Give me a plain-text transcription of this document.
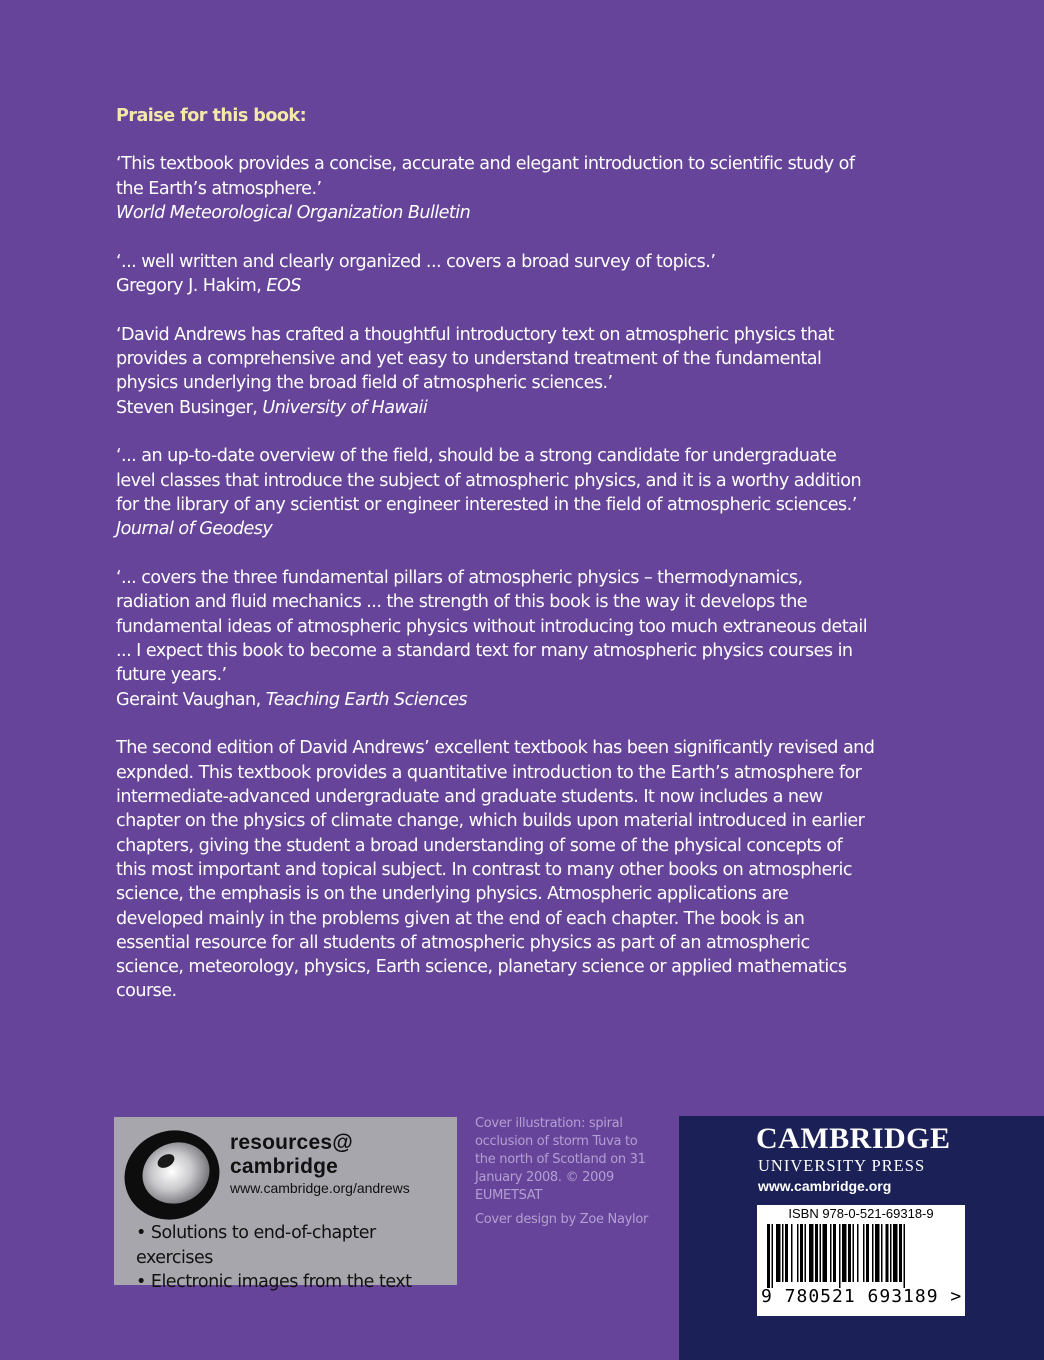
Praise for this book:

‘This textbook provides a concise, accurate and elegant introduction to scientific study of the Earth’s atmosphere.’

World Meteorological Organization Bulletin

‘... well written and clearly organized ... covers a broad survey of topics.’

Gregory J. Hakim, EOS

‘David Andrews has crafted a thoughtful introductory text on atmospheric physics that provides a comprehensive and yet easy to understand treatment of the fundamental physics underlying the broad field of atmospheric sciences.’

Steven Businger, University of Hawaii

‘... an up-to-date overview of the field, should be a strong candidate for undergraduate level classes that introduce the subject of atmospheric physics, and it is a worthy addition for the library of any scientist or engineer interested in the field of atmospheric sciences.’

Journal of Geodesy

‘... covers the three fundamental pillars of atmospheric physics – thermodynamics, radiation and fluid mechanics ... the strength of this book is the way it develops the fundamental ideas of atmospheric physics without introducing too much extraneous detail ... I expect this book to become a standard text for many atmospheric physics courses in future years.’

Geraint Vaughan, Teaching Earth Sciences

The second edition of David Andrews’ excellent textbook has been significantly revised and expnded. This textbook provides a quantitative introduction to the Earth’s atmosphere for intermediate-advanced undergraduate and graduate students. It now includes a new chapter on the physics of climate change, which builds upon material introduced in earlier chapters, giving the student a broad understanding of some of the physical concepts of this most important and topical subject. In contrast to many other books on atmospheric science, the emphasis is on the underlying physics. Atmospheric applications are developed mainly in the problems given at the end of each chapter. The book is an essential resource for all students of atmospheric physics as part of an atmospheric science, meteorology, physics, Earth science, planetary science or applied mathematics course.

resources@
cambridge
www.cambridge.org/andrews
• Solutions to end-of-chapter exercises
• Electronic images from the text

Cover illustration: spiral occlusion of storm Tuva to the north of Scotland on 31 January 2008. © 2009 EUMETSAT

Cover design by Zoe Naylor

CAMBRIDGE
UNIVERSITY PRESS
www.cambridge.org
ISBN 978-0-521-69318-9
9 780521 693189 >
